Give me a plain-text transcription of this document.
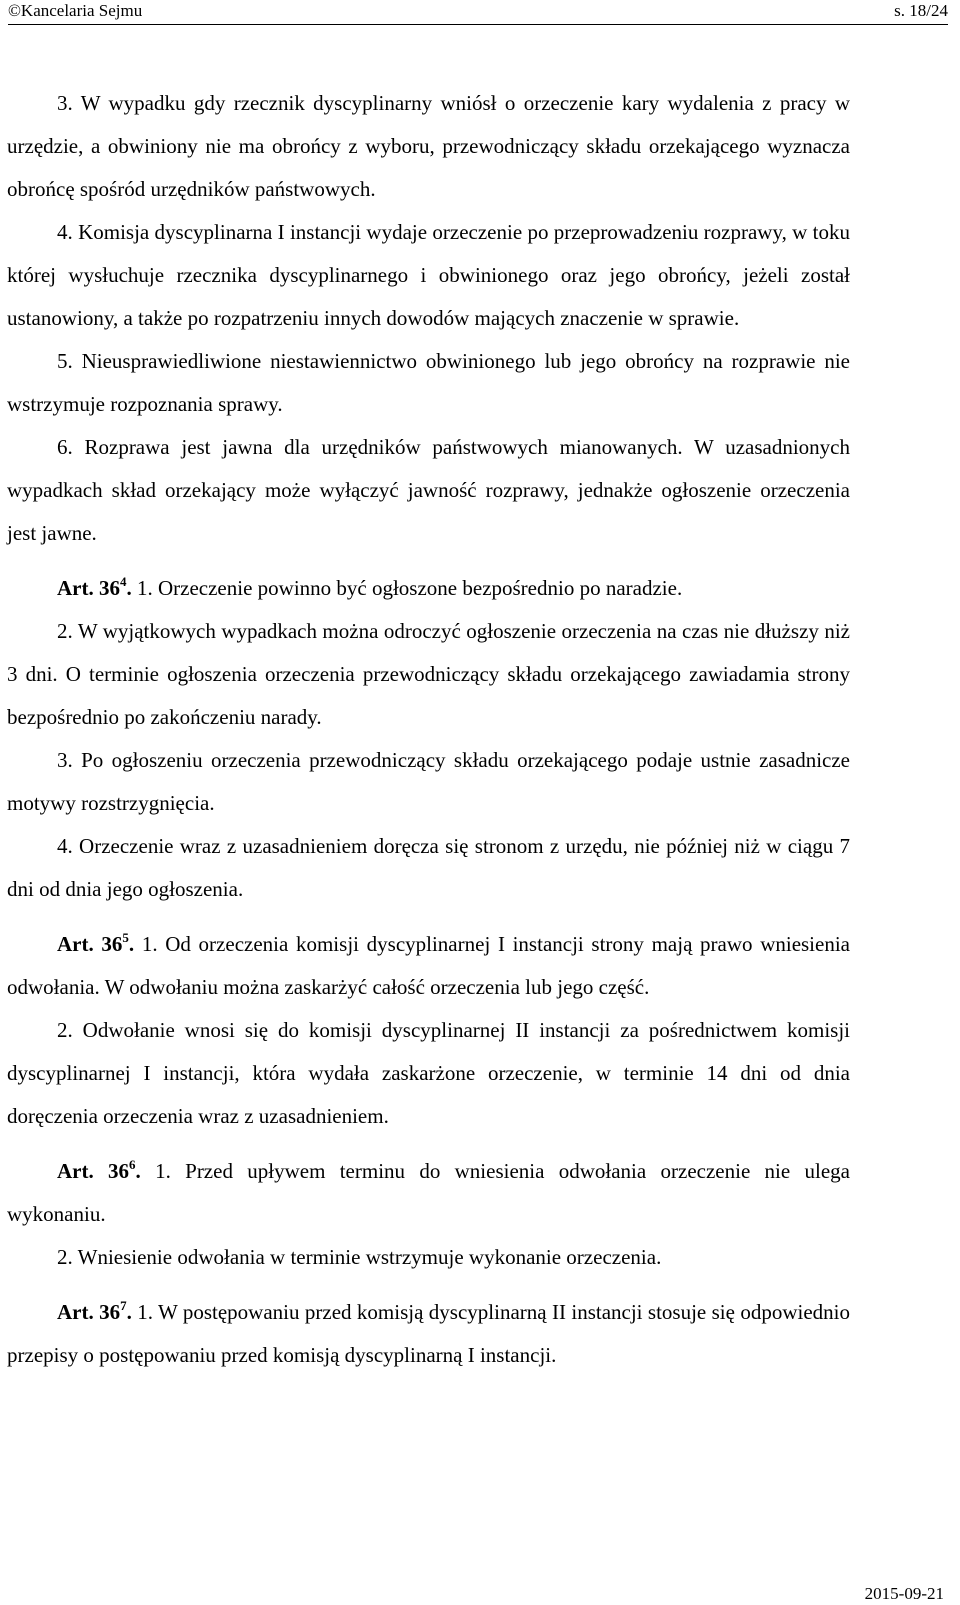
©Kancelaria Sejmu	s. 18/24

3. W wypadku gdy rzecznik dyscyplinarny wniósł o orzeczenie kary wydalenia z pracy w urzędzie, a obwiniony nie ma obrońcy z wyboru, przewodniczący składu orzekającego wyznacza obrońcę spośród urzędników państwowych.

4. Komisja dyscyplinarna I instancji wydaje orzeczenie po przeprowadzeniu rozprawy, w toku której wysłuchuje rzecznika dyscyplinarnego i obwinionego oraz jego obrońcy, jeżeli został ustanowiony, a także po rozpatrzeniu innych dowodów mających znaczenie w sprawie.

5. Nieusprawiedliwione niestawiennictwo obwinionego lub jego obrońcy na rozprawie nie wstrzymuje rozpoznania sprawy.

6. Rozprawa jest jawna dla urzędników państwowych mianowanych. W uzasadnionych wypadkach skład orzekający może wyłączyć jawność rozprawy, jednakże ogłoszenie orzeczenia jest jawne.

Art. $36^4$. 1. Orzeczenie powinno być ogłoszone bezpośrednio po naradzie.

2. W wyjątkowych wypadkach można odroczyć ogłoszenie orzeczenia na czas nie dłuższy niż 3 dni. O terminie ogłoszenia orzeczenia przewodniczący składu orzekającego zawiadamia strony bezpośrednio po zakończeniu narady.

3. Po ogłoszeniu orzeczenia przewodniczący składu orzekającego podaje ustnie zasadnicze motywy rozstrzygnięcia.

4. Orzeczenie wraz z uzasadnieniem doręcza się stronom z urzędu, nie później niż w ciągu 7 dni od dnia jego ogłoszenia.

Art. $36^5$. 1. Od orzeczenia komisji dyscyplinarnej I instancji strony mają prawo wniesienia odwołania. W odwołaniu można zaskarżyć całość orzeczenia lub jego część.

2. Odwołanie wnosi się do komisji dyscyplinarnej II instancji za pośrednictwem komisji dyscyplinarnej I instancji, która wydała zaskarżone orzeczenie, w terminie 14 dni od dnia doręczenia orzeczenia wraz z uzasadnieniem.

Art. $36^6$. 1. Przed upływem terminu do wniesienia odwołania orzeczenie nie ulega wykonaniu.

2. Wniesienie odwołania w terminie wstrzymuje wykonanie orzeczenia.

Art. $36^7$. 1. W postępowaniu przed komisją dyscyplinarną II instancji stosuje się odpowiednio przepisy o postępowaniu przed komisją dyscyplinarną I instancji.

2015-09-21
